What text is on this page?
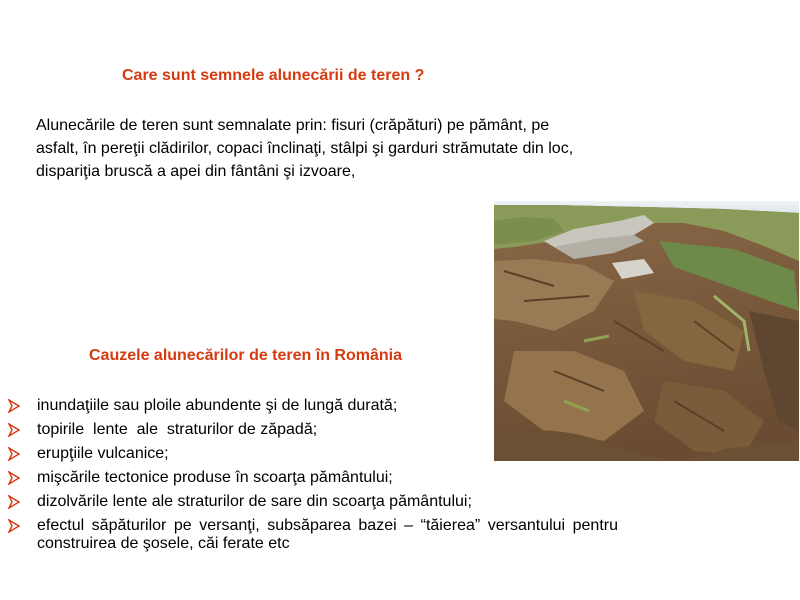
Care sunt semnele alunecării de teren ?

Alunecările de teren sunt semnalate prin: fisuri (crăpături) pe pământ, pe asfalt, în pereţii clădirilor, copaci înclinaţi, stâlpi şi garduri strămutate din loc, dispariţia bruscă a apei din fântâni şi izvoare,

Cauzele alunecărilor de teren în România
inundaţiile sau ploile abundente şi de lungă durată;
topirile  lente  ale  straturilor de zăpadă;
erupţiile vulcanice;
mişcările tectonice produse în scoarţa pământului;
dizolvările lente ale straturilor de sare din scoarţa pământului;
efectul săpăturilor pe versanţi, subsăparea bazei – “tăierea” versantului pentru construirea de şosele, căi ferate etc
